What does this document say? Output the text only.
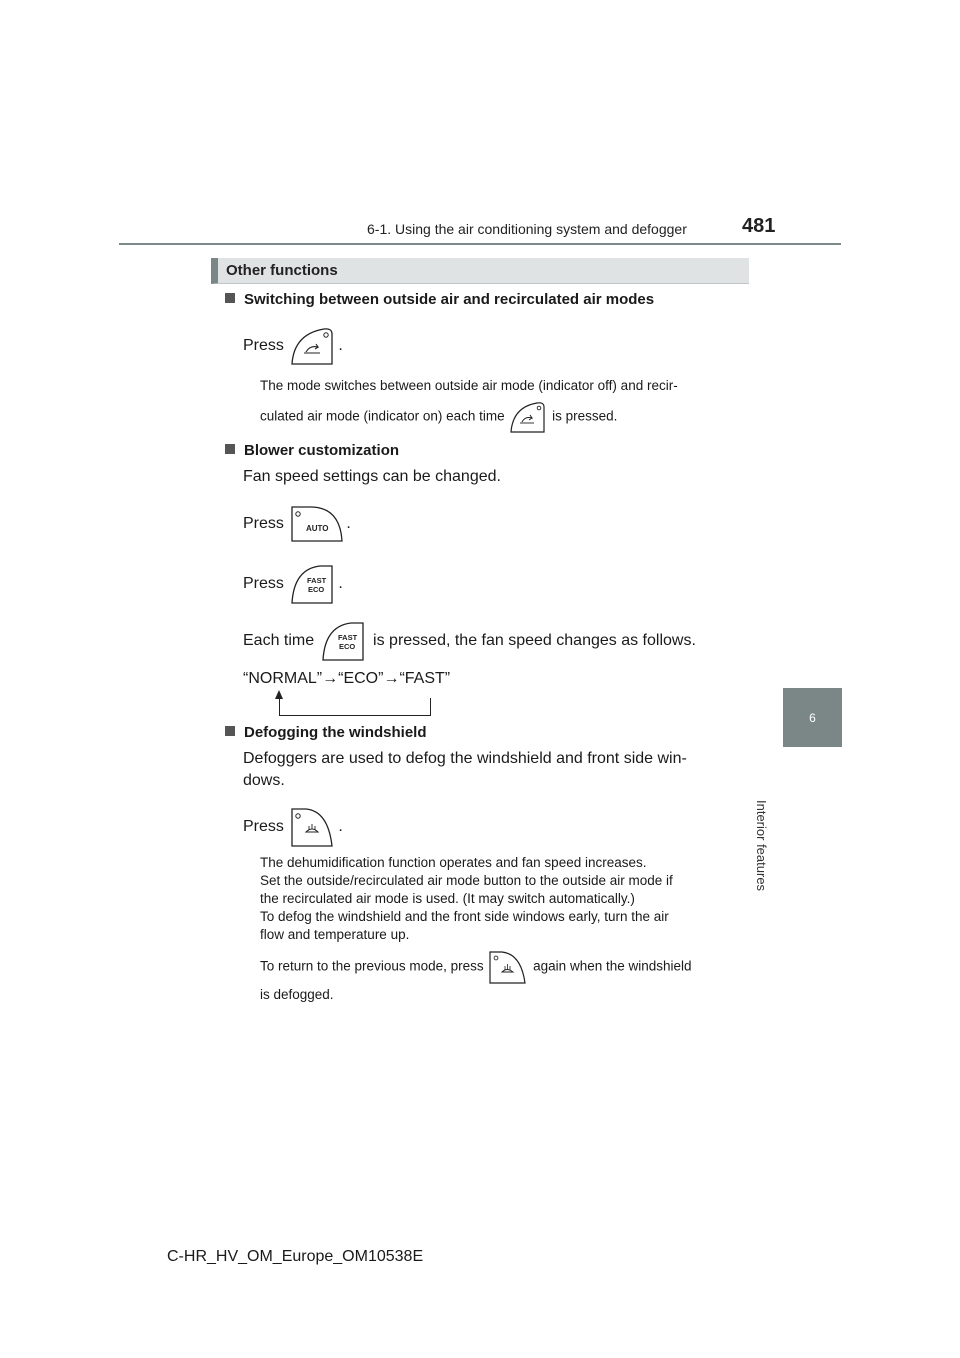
6-1. Using the air conditioning system and defogger	481
6
Interior features
Other functions
Switching between outside air and recirculated air modes
Press	.
The mode switches between outside air mode (indicator off) and recir-
culated air mode (indicator on) each time	is pressed.
Blower customization
Fan speed settings can be changed.
Press	AUTO .
Press	FAST
ECO .
Each time	FAST
ECO is pressed, the fan speed changes as follows.
“NORMAL”→“ECO”→“FAST”
Defogging the windshield
Defoggers are used to defog the windshield and front side win-
dows.
Press	.
The dehumidification function operates and fan speed increases.
Set the outside/recirculated air mode button to the outside air mode if
the recirculated air mode is used. (It may switch automatically.)
To defog the windshield and the front side windows early, turn the air
flow and temperature up.
To return to the previous mode, press	again when the windshield
is defogged.
C-HR_HV_OM_Europe_OM10538E
